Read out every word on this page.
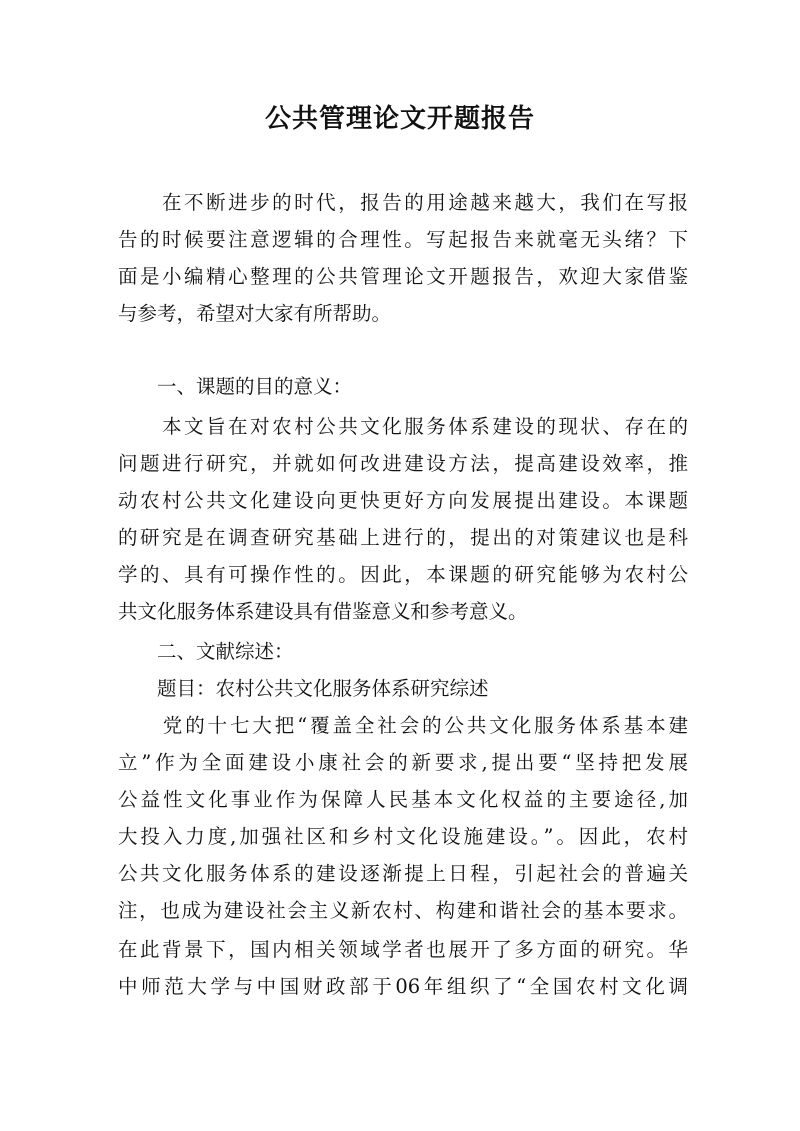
公共管理论文开题报告

　　在不断进步的时代，报告的用途越来越大，我们在写报

告的时候要注意逻辑的合理性。写起报告来就毫无头绪？下

面是小编精心整理的公共管理论文开题报告，欢迎大家借鉴

与参考，希望对大家有所帮助。

　　一、课题的目的意义：

　　本文旨在对农村公共文化服务体系建设的现状、存在的

问题进行研究，并就如何改进建设方法，提高建设效率，推

动农村公共文化建设向更快更好方向发展提出建设。本课题

的研究是在调查研究基础上进行的，提出的对策建议也是科

学的、具有可操作性的。因此，本课题的研究能够为农村公

共文化服务体系建设具有借鉴意义和参考意义。

　　二、文献综述：

　　题目：农村公共文化服务体系研究综述

　　党的十七大把“覆盖全社会的公共文化服务体系基本建

立”作为全面建设小康社会的新要求,提出要“坚持把发展

公益性文化事业作为保障人民基本文化权益的主要途径,加

大投入力度,加强社区和乡村文化设施建设。”。因此，农村

公共文化服务体系的建设逐渐提上日程，引起社会的普遍关

注，也成为建设社会主义新农村、构建和谐社会的基本要求。

在此背景下，国内相关领域学者也展开了多方面的研究。华

中师范大学与中国财政部于06年组织了“全国农村文化调
